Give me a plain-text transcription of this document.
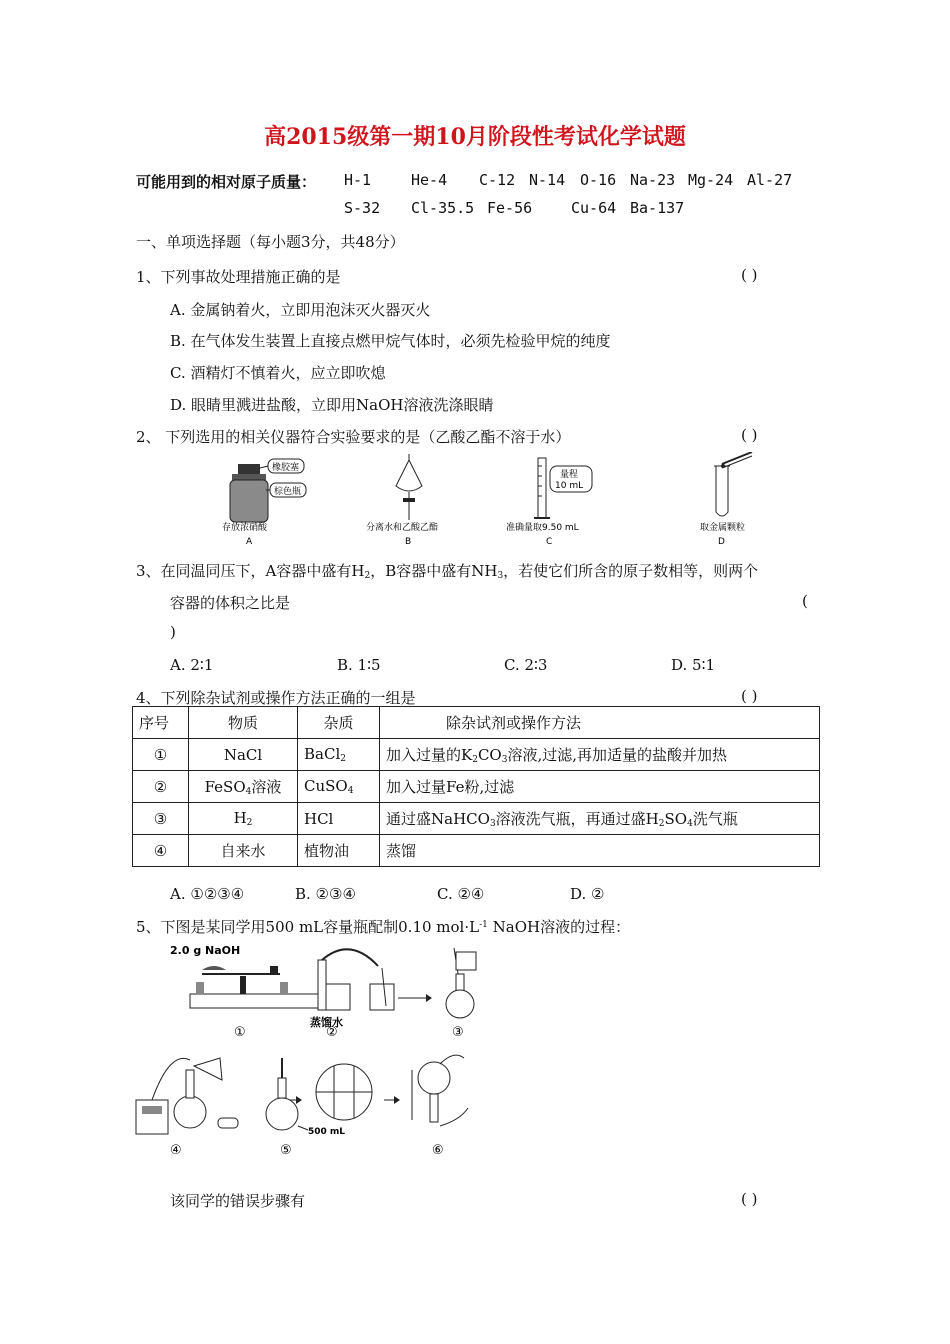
高2015级第一期10月阶段性考试化学试题
可能用到的相对原子质量： H-1	He-4 C-12 N-14 O-16 Na-23 Mg-24 Al-27
S-32 Cl-35.5 Fe-56	Cu-64 Ba-137
一、单项选择题（每小题3分，共48分）
1、下列事故处理措施正确的是	( )
A. 金属钠着火，立即用泡沫灭火器灭火
B. 在气体发生装置上直接点燃甲烷气体时，必须先检验甲烷的纯度
C. 酒精灯不慎着火，应立即吹熄
D. 眼睛里溅进盐酸，立即用NaOH溶液洗涤眼睛
2、 下列选用的相关仪器符合实验要求的是（乙酸乙酯不溶于水）	( )
橡胶塞
棕色瓶
存放浓硝酸
A
分离水和乙酸乙酯
B
量程
10 mL
准确量取9.50 mL
C
取金属颗粒
D
3、在同温同压下，A容器中盛有$H_2$，B容器中盛有$NH_3$，若使它们所含的原子数相等，则两个
容器的体积之比是	(
)
A. 2∶1	B. 1∶5	C. 2∶3	D. 5∶1
4、下列除杂试剂或操作方法正确的一组是	( )
序号	物质	杂质	除杂试剂或操作方法
①	NaCl	BaCl$_2$	加入过量的$K_2CO_3$溶液,过滤,再加适量的盐酸并加热
②	FeSO$_4$溶液	CuSO$_4$	加入过量Fe粉,过滤
③	$H_2$	HCl	通过盛NaHCO$_3$溶液洗气瓶，再通过盛$H_2SO_4$洗气瓶
④	自来水	植物油	蒸馏
A. ①②③④	B. ②③④	C. ②④	D. ②
5、下图是某同学用500 mL容量瓶配制0.10 $mol\cdot L^{-1}$ NaOH溶液的过程：
2.0 g NaOH
①
蒸馏水
②	③
④
500 mL
⑤	⑥
该同学的错误步骤有	( )
